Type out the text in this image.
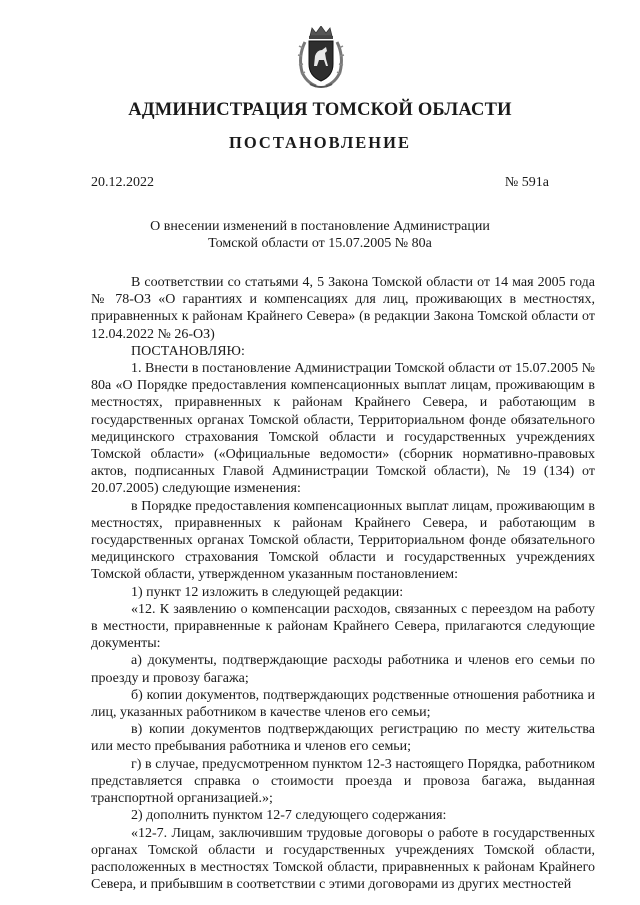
АДМИНИСТРАЦИЯ ТОМСКОЙ ОБЛАСТИ
ПОСТАНОВЛЕНИЕ
20.12.2022	№ 591а
О внесении изменений в постановление Администрации
Томской области от 15.07.2005 № 80а

В соответствии со статьями 4, 5 Закона Томской области от 14 мая 2005 года № 78-ОЗ «О гарантиях и компенсациях для лиц, проживающих в местностях, приравненных к районам Крайнего Севера» (в редакции Закона Томской области от 12.04.2022 № 26-ОЗ)

ПОСТАНОВЛЯЮ:

1. Внести в постановление Администрации Томской области от 15.07.2005 № 80а «О Порядке предоставления компенсационных выплат лицам, проживающим в местностях, приравненных к районам Крайнего Севера, и работающим в государственных органах Томской области, Территориальном фонде обязательного медицинского страхования Томской области и государственных учреждениях Томской области» («Официальные ведомости» (сборник нормативно-правовых актов, подписанных Главой Администрации Томской области), № 19 (134) от 20.07.2005) следующие изменения:

в Порядке предоставления компенсационных выплат лицам, проживающим в местностях, приравненных к районам Крайнего Севера, и работающим в государственных органах Томской области, Территориальном фонде обязательного медицинского страхования Томской области и государственных учреждениях Томской области, утвержденном указанным постановлением:

1) пункт 12 изложить в следующей редакции:

«12. К заявлению о компенсации расходов, связанных с переездом на работу в местности, приравненные к районам Крайнего Севера, прилагаются следующие документы:

а) документы, подтверждающие расходы работника и членов его семьи по проезду и провозу багажа;

б) копии документов, подтверждающих родственные отношения работника и лиц, указанных работником в качестве членов его семьи;

в) копии документов подтверждающих регистрацию по месту жительства или место пребывания работника и членов его семьи;

г) в случае, предусмотренном пунктом 12-3 настоящего Порядка, работником представляется справка о стоимости проезда и провоза багажа, выданная транспортной организацией.»;

2) дополнить пунктом 12-7 следующего содержания:

«12-7. Лицам, заключившим трудовые договоры о работе в государственных органах Томской области и государственных учреждениях Томской области, расположенных в местностях Томской области, приравненных к районам Крайнего Севера, и прибывшим в соответствии с этими договорами из других местностей
